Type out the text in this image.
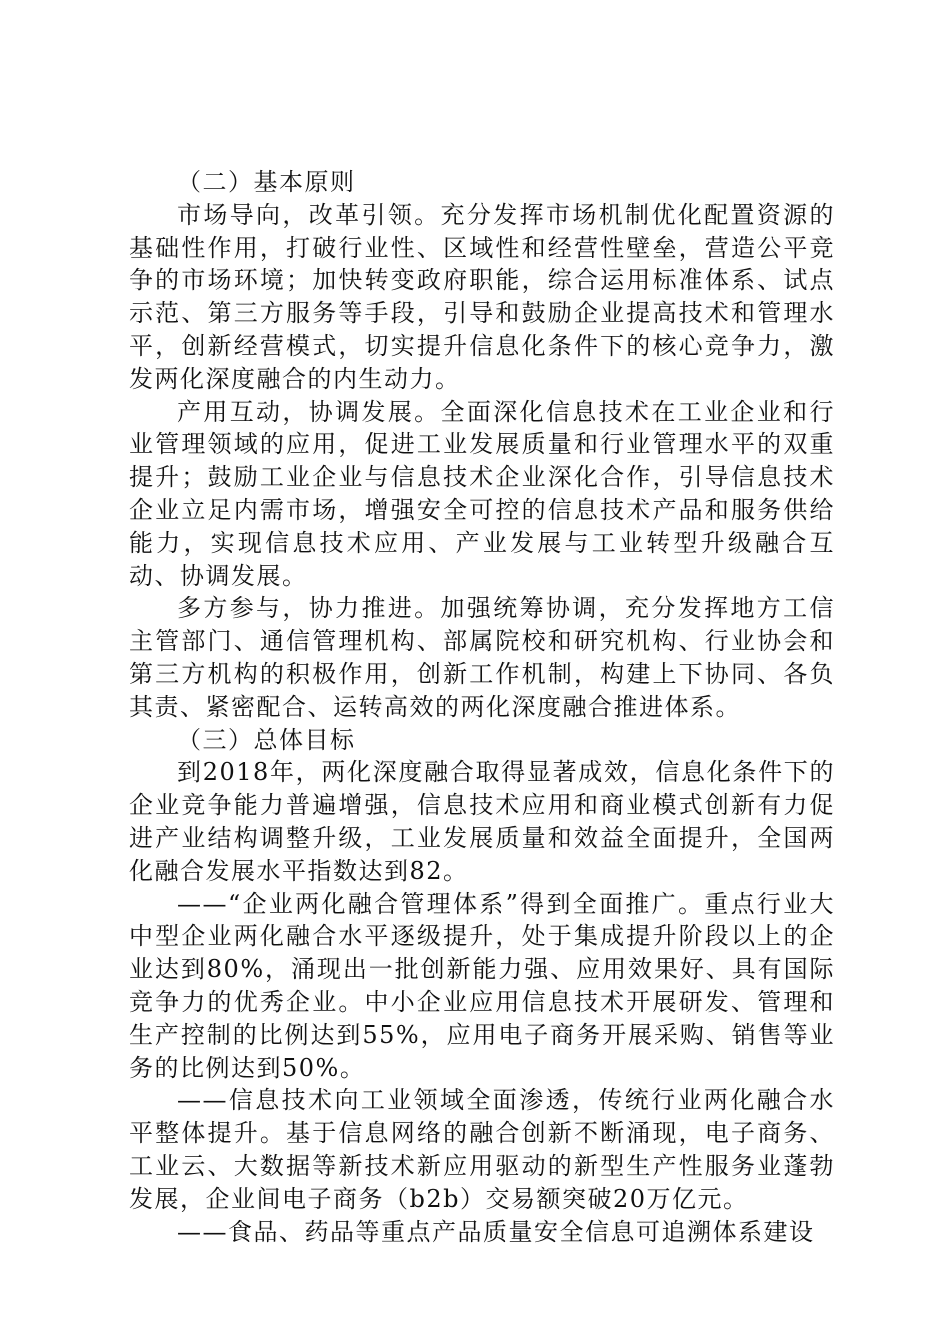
（二）基本原则

市场导向，改革引领。充分发挥市场机制优化配置资源的基础性作用，打破行业性、区域性和经营性壁垒，营造公平竞争的市场环境；加快转变政府职能，综合运用标准体系、试点示范、第三方服务等手段，引导和鼓励企业提高技术和管理水平，创新经营模式，切实提升信息化条件下的核心竞争力，激发两化深度融合的内生动力。

产用互动，协调发展。全面深化信息技术在工业企业和行业管理领域的应用，促进工业发展质量和行业管理水平的双重提升；鼓励工业企业与信息技术企业深化合作，引导信息技术企业立足内需市场，增强安全可控的信息技术产品和服务供给能力，实现信息技术应用、产业发展与工业转型升级融合互动、协调发展。

多方参与，协力推进。加强统筹协调，充分发挥地方工信主管部门、通信管理机构、部属院校和研究机构、行业协会和第三方机构的积极作用，创新工作机制，构建上下协同、各负其责、紧密配合、运转高效的两化深度融合推进体系。

（三）总体目标

到2018年，两化深度融合取得显著成效，信息化条件下的企业竞争能力普遍增强，信息技术应用和商业模式创新有力促进产业结构调整升级，工业发展质量和效益全面提升，全国两化融合发展水平指数达到82。

——“企业两化融合管理体系”得到全面推广。重点行业大中型企业两化融合水平逐级提升，处于集成提升阶段以上的企业达到80%，涌现出一批创新能力强、应用效果好、具有国际竞争力的优秀企业。中小企业应用信息技术开展研发、管理和生产控制的比例达到55%，应用电子商务开展采购、销售等业务的比例达到50%。

——信息技术向工业领域全面渗透，传统行业两化融合水平整体提升。基于信息网络的融合创新不断涌现，电子商务、工业云、大数据等新技术新应用驱动的新型生产性服务业蓬勃发展，企业间电子商务（b2b）交易额突破20万亿元。

——食品、药品等重点产品质量安全信息可追溯体系建设
